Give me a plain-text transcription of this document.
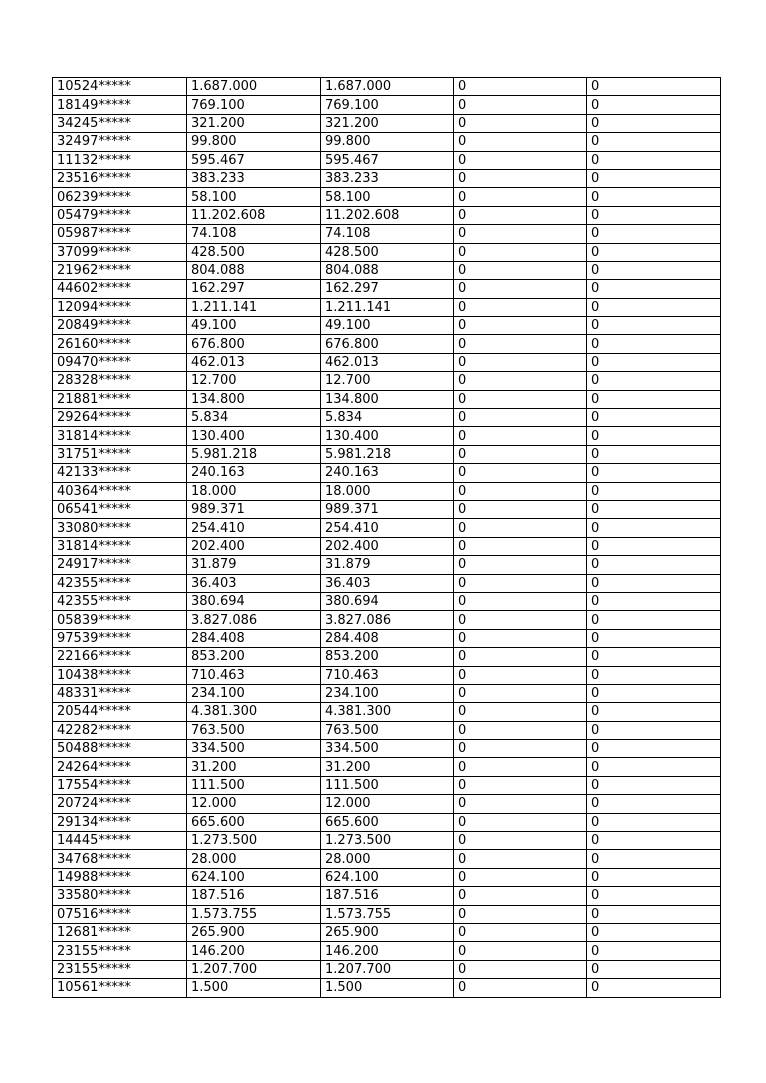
10524*****	1.687.000	1.687.000	0	0
18149*****	769.100	769.100	0	0
34245*****	321.200	321.200	0	0
32497*****	99.800	99.800	0	0
11132*****	595.467	595.467	0	0
23516*****	383.233	383.233	0	0
06239*****	58.100	58.100	0	0
05479*****	11.202.608	11.202.608	0	0
05987*****	74.108	74.108	0	0
37099*****	428.500	428.500	0	0
21962*****	804.088	804.088	0	0
44602*****	162.297	162.297	0	0
12094*****	1.211.141	1.211.141	0	0
20849*****	49.100	49.100	0	0
26160*****	676.800	676.800	0	0
09470*****	462.013	462.013	0	0
28328*****	12.700	12.700	0	0
21881*****	134.800	134.800	0	0
29264*****	5.834	5.834	0	0
31814*****	130.400	130.400	0	0
31751*****	5.981.218	5.981.218	0	0
42133*****	240.163	240.163	0	0
40364*****	18.000	18.000	0	0
06541*****	989.371	989.371	0	0
33080*****	254.410	254.410	0	0
31814*****	202.400	202.400	0	0
24917*****	31.879	31.879	0	0
42355*****	36.403	36.403	0	0
42355*****	380.694	380.694	0	0
05839*****	3.827.086	3.827.086	0	0
97539*****	284.408	284.408	0	0
22166*****	853.200	853.200	0	0
10438*****	710.463	710.463	0	0
48331*****	234.100	234.100	0	0
20544*****	4.381.300	4.381.300	0	0
42282*****	763.500	763.500	0	0
50488*****	334.500	334.500	0	0
24264*****	31.200	31.200	0	0
17554*****	111.500	111.500	0	0
20724*****	12.000	12.000	0	0
29134*****	665.600	665.600	0	0
14445*****	1.273.500	1.273.500	0	0
34768*****	28.000	28.000	0	0
14988*****	624.100	624.100	0	0
33580*****	187.516	187.516	0	0
07516*****	1.573.755	1.573.755	0	0
12681*****	265.900	265.900	0	0
23155*****	146.200	146.200	0	0
23155*****	1.207.700	1.207.700	0	0
10561*****	1.500	1.500	0	0
